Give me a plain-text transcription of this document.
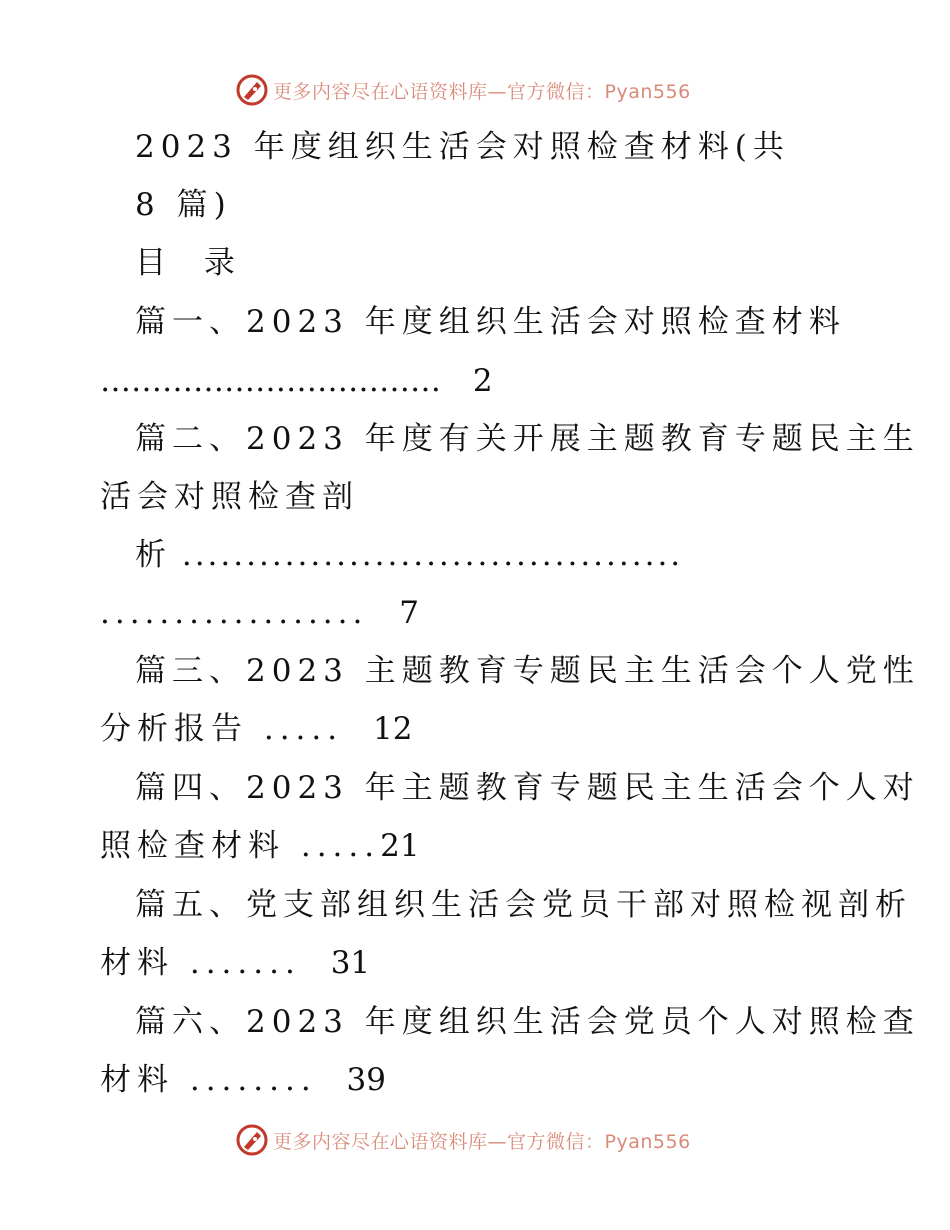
更多内容尽在心语资料库—官方微信：Pyan556
2023 年度组织生活会对照检查材料(共
8 篇)
目 录
篇一、2023 年度组织生活会对照检查材料
…………………………… 2
篇二、2023 年度有关开展主题教育专题民主生
活会对照检查剖
析 .......................................
.................. 7
篇三、2023 主题教育专题民主生活会个人党性
分析报告 ..... 12
篇四、2023 年主题教育专题民主生活会个人对
照检查材料 .....21
篇五、党支部组织生活会党员干部对照检视剖析
材料 ....... 31
篇六、2023 年度组织生活会党员个人对照检查
材料 ........ 39
更多内容尽在心语资料库—官方微信：Pyan556
